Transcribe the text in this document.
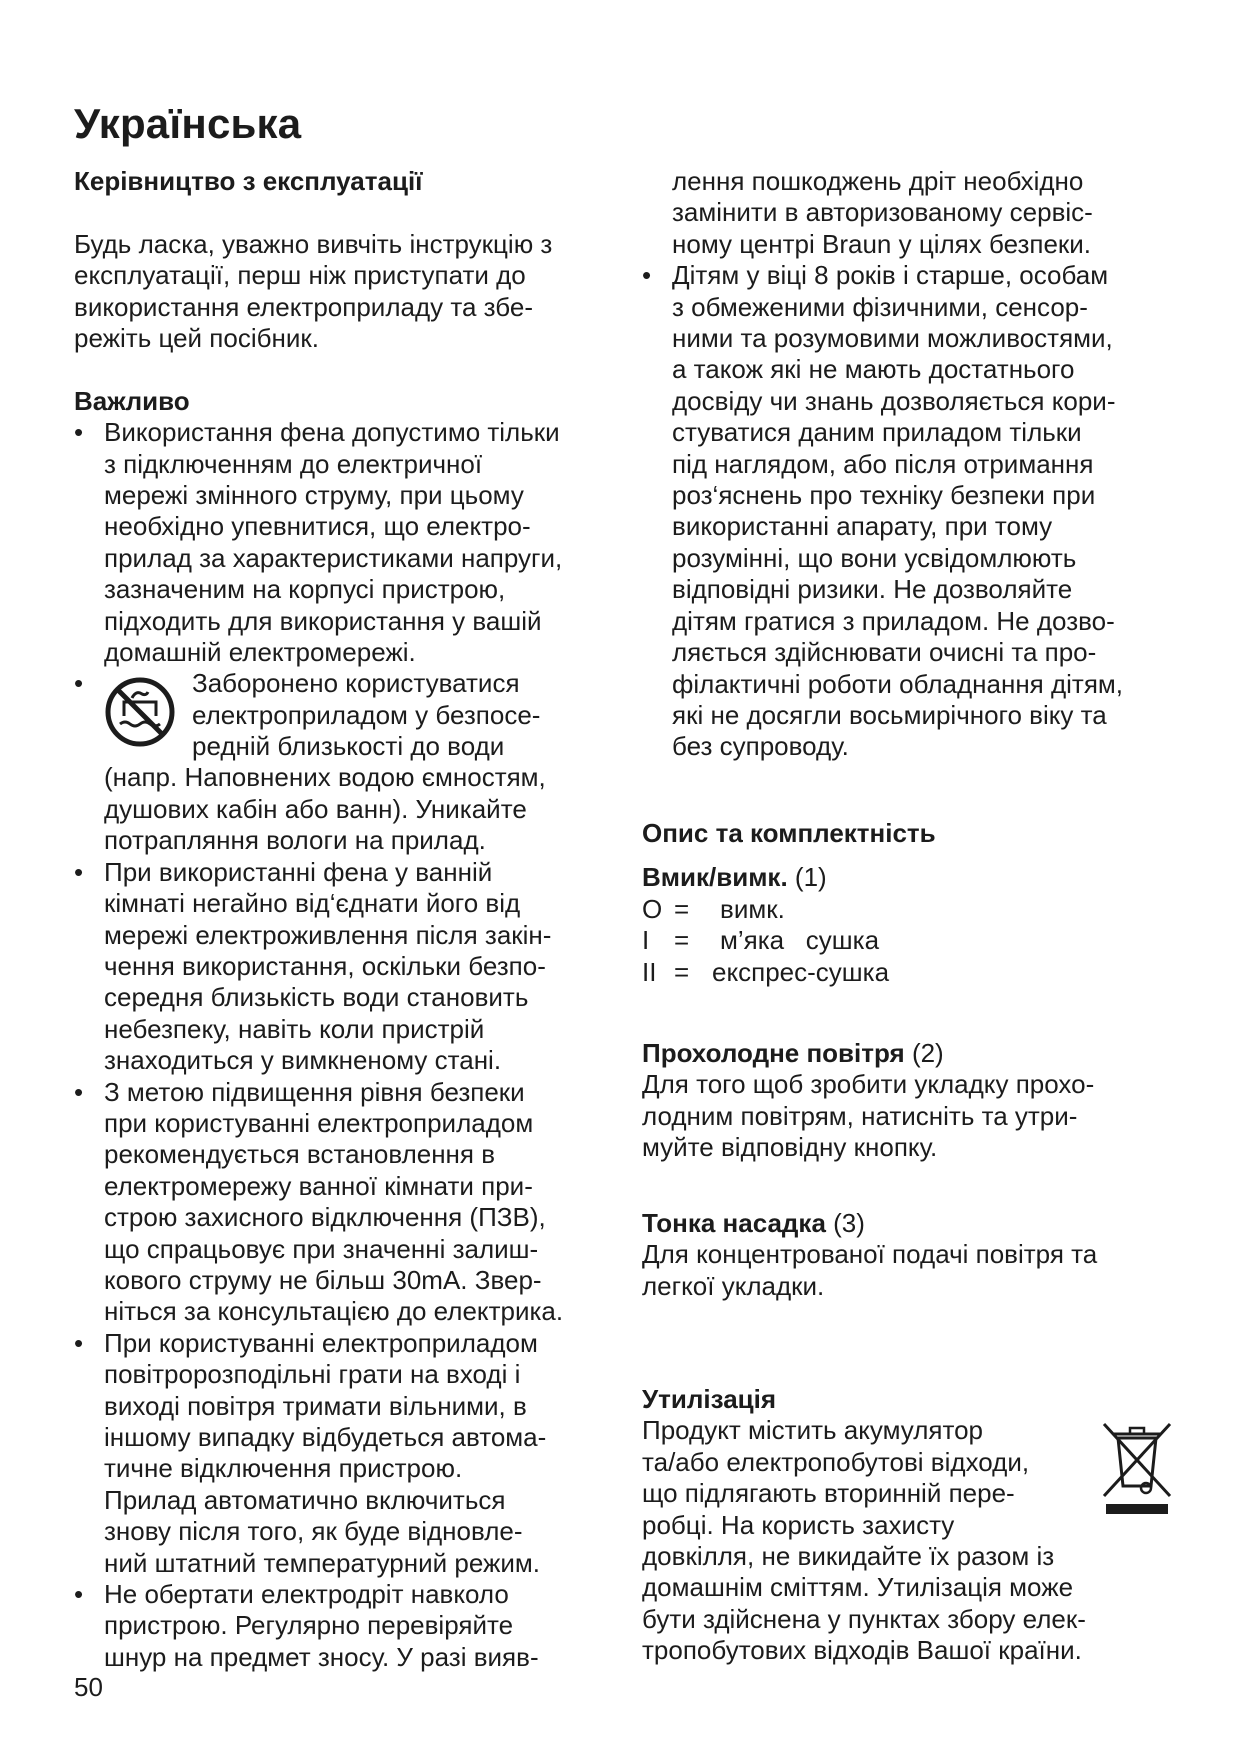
Українська
Керівництво з експлуатації
Будь ласка, уважно вивчіть інструкцію з
експлуатації, перш ніж приступати до
використання електроприладу та збе-
режіть цей посібник.
Важливо
• Використання фена допустимо тільки
з підключенням до електричної
мережі змінного струму, при цьому
необхідно упевнитися, що електро-
прилад за характеристиками напруги,
зазначеним на корпусі пристрою,
підходить для використання у вашій
домашній електромережі.
•	Заборонено користуватися
електроприладом у безпосе-
редній близькості до води
(напр. Наповнених водою ємностям,
душових кабін або ванн). Уникайте
потрапляння вологи на прилад.
• При використанні фена у ванній
кімнаті негайно від‘єднати його від
мережі електроживлення після закін-
чення використання, оскільки безпо-
середня близькість води становить
небезпеку, навіть коли пристрій
знаходиться у вимкненому стані.
• З метою підвищення рівня безпеки
при користуванні електроприладом
рекомендується встановлення в
електромережу ванної кімнати при-
строю захисного відключення (ПЗВ),
що спрацьовує при значенні залиш-
кового струму не більш 30mA. Звер-
ніться за консультацією до електрика.
• При користуванні електроприладом
повітророзподільні грати на вході і
виході повітря тримати вільними, в
іншому випадку відбудеться автома-
тичне відключення пристрою.
Прилад автоматично включиться
знову після того, як буде відновле-
ний штатний температурний режим.
• Не обертати електродріт навколо
пристрою. Регулярно перевіряйте
шнур на предмет зносу. У разі вияв-
лення пошкоджень дріт необхідно
замінити в авторизованому сервіс-
ному центрі Braun у цілях безпеки.
• Дітям у віці 8 років і старше, особам
з обмеженими фізичними, сенсор-
ними та розумовими можливостями,
а також які не мають достатнього
досвіду чи знань дозволяється кори-
стуватися даним приладом тільки
під наглядом, або після отримання
роз‘яснень про техніку безпеки при
використанні апарату, при тому
розумінні, що вони усвідомлюють
відповідні ризики. Не дозволяйте
дітям гратися з приладом. Не дозво-
ляється здійснювати очисні та про-
філактичні роботи обладнання дітям,
які не досягли восьмирічного віку та
без супроводу.
Опис та комплектність
Вмик/вимк. (1)
O = вимк.
I = м’яка   сушка
II = експрес-сушка
Прохолодне повітря (2)
Для того щоб зробити укладку прохо-
лодним повітрям, натисніть та утри-
муйте відповідну кнопку.
Тонка насадка (3)
Для концентрованої подачі повітря та
легкої укладки.
Утилізація
Продукт містить акумулятор
та/або електропобутові відходи,
що підлягають вторинній пере-
робці. На користь захисту
довкілля, не викидайте їх разом із
домашнім сміттям. Утилізація може
бути здійснена у пунктах збору елек-
тропобутових відходів Вашої країни.
50
